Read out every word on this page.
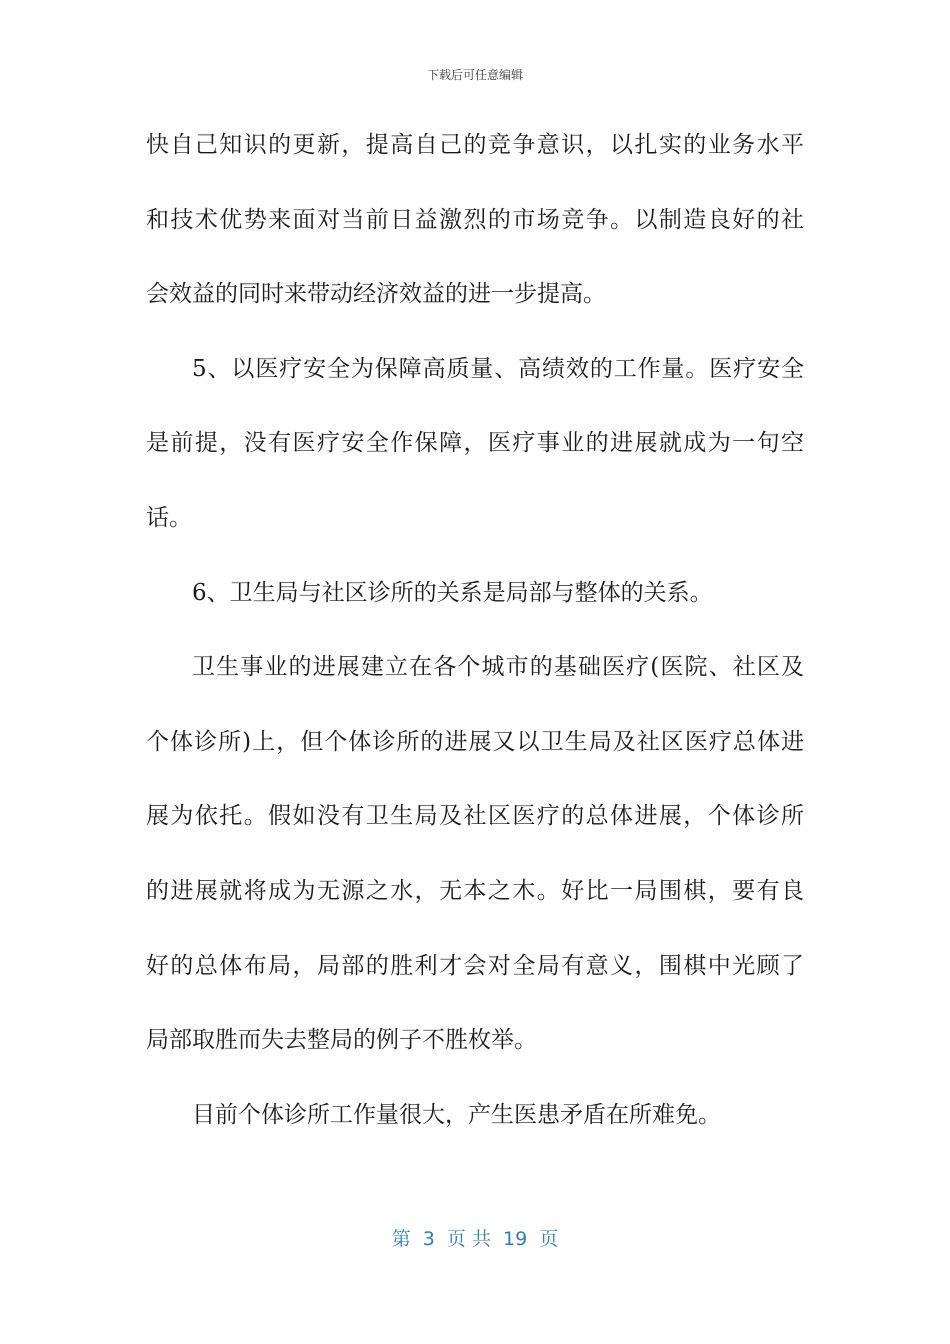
下载后可任意编辑
快自己知识的更新，提高自己的竞争意识，以扎实的业务水平
和技术优势来面对当前日益激烈的市场竞争。以制造良好的社
会效益的同时来带动经济效益的进一步提高。
5、以医疗安全为保障高质量、高绩效的工作量。医疗安全
是前提，没有医疗安全作保障，医疗事业的进展就成为一句空
话。
6、卫生局与社区诊所的关系是局部与整体的关系。
卫生事业的进展建立在各个城市的基础医疗(医院、社区及
个体诊所)上，但个体诊所的进展又以卫生局及社区医疗总体进
展为依托。假如没有卫生局及社区医疗的总体进展，个体诊所
的进展就将成为无源之水，无本之木。好比一局围棋，要有良
好的总体布局，局部的胜利才会对全局有意义，围棋中光顾了
局部取胜而失去整局的例子不胜枚举。
目前个体诊所工作量很大，产生医患矛盾在所难免。
第  3  页 共  19  页
